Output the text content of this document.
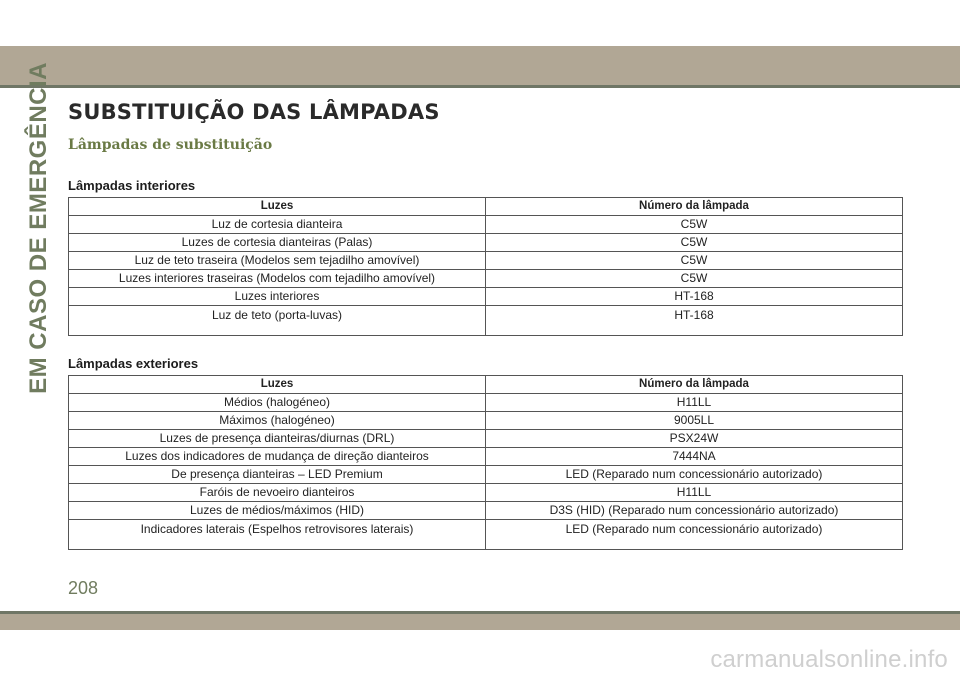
EM CASO DE EMERGÊNCIA SUBSTITUIÇÃO DAS LÂMPADAS
Lâmpadas de substituição
Lâmpadas interiores
Luzes	Número da lâmpada
Luz de cortesia dianteira	C5W
Luzes de cortesia dianteiras (Palas)	C5W
Luz de teto traseira (Modelos sem tejadilho amovível)	C5W
Luzes interiores traseiras (Modelos com tejadilho amovível)	C5W
Luzes interiores	HT-168
Luz de teto (porta-luvas)	HT-168
Lâmpadas exteriores
Luzes	Número da lâmpada
Médios (halogéneo)	H11LL
Máximos (halogéneo)	9005LL
Luzes de presença dianteiras/diurnas (DRL)	PSX24W
Luzes dos indicadores de mudança de direção dianteiros	7444NA
De presença dianteiras – LED Premium	LED (Reparado num concessionário autorizado)
Faróis de nevoeiro dianteiros	H11LL
Luzes de médios/máximos (HID)	D3S (HID) (Reparado num concessionário autorizado)
Indicadores laterais (Espelhos retrovisores laterais)	LED (Reparado num concessionário autorizado)
208
carmanualsonline.info
